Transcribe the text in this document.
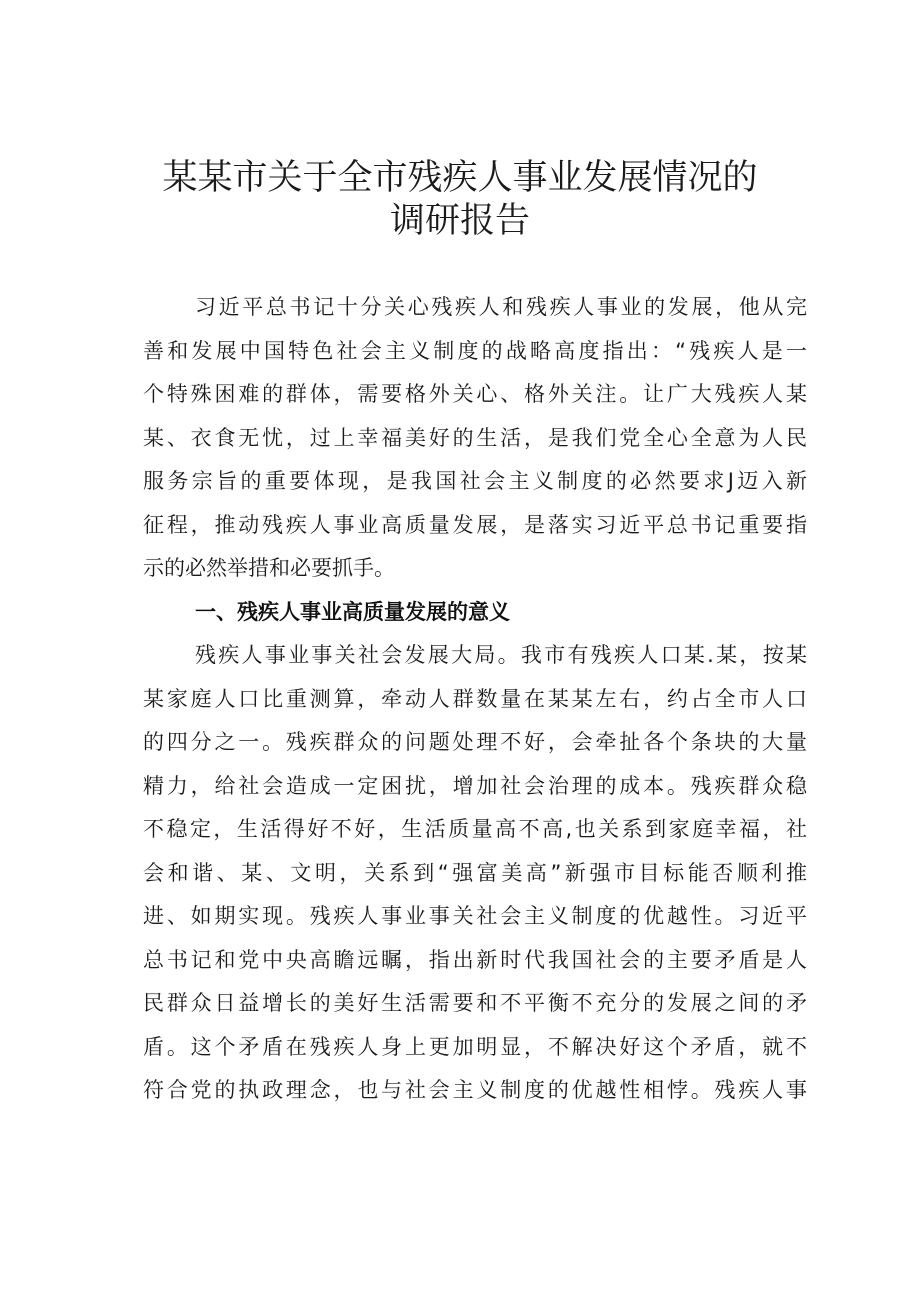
某某市关于全市残疾人事业发展情况的
调研报告

习近平总书记十分关心残疾人和残疾人事业的发展，他从完
善和发展中国特色社会主义制度的战略高度指出：“残疾人是一
个特殊困难的群体，需要格外关心、格外关注。让广大残疾人某
某、衣食无忧，过上幸福美好的生活，是我们党全心全意为人民
服务宗旨的重要体现，是我国社会主义制度的必然要求J迈入新
征程，推动残疾人事业高质量发展，是落实习近平总书记重要指
示的必然举措和必要抓手。

一、残疾人事业高质量发展的意义

残疾人事业事关社会发展大局。我市有残疾人口某.某，按某
某家庭人口比重测算，牵动人群数量在某某左右，约占全市人口
的四分之一。残疾群众的问题处理不好，会牵扯各个条块的大量
精力，给社会造成一定困扰，增加社会治理的成本。残疾群众稳
不稳定，生活得好不好，生活质量高不高,也关系到家庭幸福，社
会和谐、某、文明，关系到“强富美高”新强市目标能否顺利推
进、如期实现。残疾人事业事关社会主义制度的优越性。习近平
总书记和党中央高瞻远瞩，指出新时代我国社会的主要矛盾是人
民群众日益增长的美好生活需要和不平衡不充分的发展之间的矛
盾。这个矛盾在残疾人身上更加明显，不解决好这个矛盾，就不
符合党的执政理念，也与社会主义制度的优越性相悖。残疾人事
